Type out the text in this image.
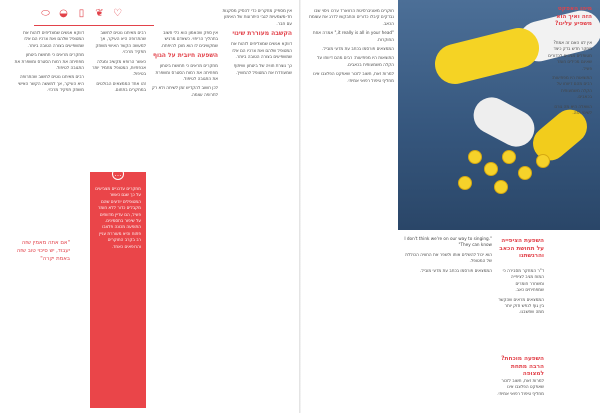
⬭ ◒ ▯ ❦ ♡	אין מספיק מחקרים כדי להסיק מסקנות חד-משמעיות לגבי היתרונות של האימון עם חבר.

הקשבה מעוררת שינוי

דווקא אנשים שמצליחים לזהות את המטופל שלהם ואת צרכיו הם אלו שמשפיעים בצורה הטובה ביותר.

כך נוצרת חוויה של ביטחון ושיתוף שמעודדת את המטופל להמשיך.

אין ספק שהאמון הוא כלי חשוב בתהליך הריפוי. כשאדם מרגיש שמקשיבים לו הוא מוכן להיפתח.

השפעה חיובית על הגוף

מחקרים מראים כי תחושת ביטחון מפחיתה את רמות הסטרס ומשפרת את התגובה לטיפול.

לכן חשוב להקדיש זמן לשיחה ולא רק לתרופה עצמה.

רבים מאיתנו נוטים לחשוב שהתרופה היא העיקר, אך למעשה הקשר האישי משחק תפקיד מרכזי.

כאשר הרופא מקשיב ומגלה אכפתיות, המטופל מתמיד יותר בטיפול.

זהו אחד הממצאים הבולטים במחקרים בתחום.

דווקא אנשים שמצליחים לזהות את המטופל שלהם ואת צרכיו הם אלו שמשפיעים בצורה הטובה ביותר.

מחקרים מראים כי תחושת ביטחון מפחיתה את רמות הסטרס ומשפרת את התגובה לטיפול.

רבים מאיתנו נוטים לחשוב שהתרופה היא העיקר, אך למעשה הקשר האישי משחק תפקיד מרכזי.

"אם אתה מאמין שזה יעבוד, יש סיכוי טוב שזה באמת יקרה"
…
מחקרים עדכניים מצביעים על כך שגם כאשר המטופלים יודעים שהם מקבלים כדור ללא חומר פעיל, הם עדיין מדווחים על שיפור בתסמינים. התופעה מכונה פלצבו פתוח והיא מעוררת עניין רב בקרב החוקרים והרופאים כאחד.
מיהו האפקט הזה ואיך הוא משפיע עלינו?

אין לנו האם זה אמת? מחקר חדש בדק כיצד מטופלים מגיבים לכדורים שאינם מכילים חומר פעיל.

התוצאות היו מפתיעות: רבים מהם דיווחו על הקלה משמעותית בכאבים.

השאלה היא מה גורם לשינוי הזה.

השפעת הציפייה על תחושת הכאב והרגשתנו

ד"ר המחקר מסבירה כי המוח מגיב לציפייה ומשחרר חומרים שמפחיתים כאב.

הממצאים מראים שהקשר בין גוף לנפש חזק יותר ממה שחשבנו.

השפעה מוכחת? הרבה מתחת למצופה

למרות זאת, חשוב לזכור שאפקט הפלצבו אינו מחליף טיפול רפואי אמיתי.

"I don't think we're on our way to singing. They can know"

הוא יכול להשלים אותו ולשפר את החוויה הכוללת של המטופל.

הממצאים פורסמו בכתב עת מדעי מוביל.

חוקרים מאוניברסיטת הרווארד ערכו ניסוי שבו נבדקים קיבלו כדורים והתבקשו לדרג את עוצמת הכאב.

"it really is all in your head," אמרה אחת החוקרות.

הממצאים פורסמו בכתב עת מדעי מוביל.

התוצאות היו מפתיעות: רבים מהם דיווחו על הקלה משמעותית בכאבים.

למרות זאת, חשוב לזכור שאפקט הפלצבו אינו מחליף טיפול רפואי אמיתי.
